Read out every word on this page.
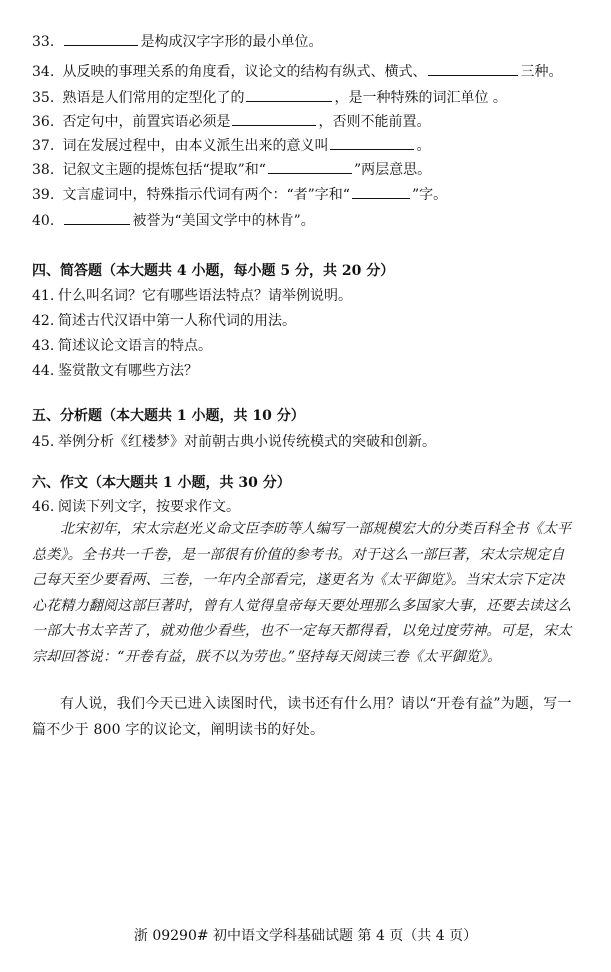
33.	是构成汉字字形的最小单位。
34. 从反映的事理关系的角度看，议论文的结构有纵式、横式、	三种。
35. 熟语是人们常用的定型化了的	，是一种特殊的词汇单位 。
36. 否定句中，前置宾语必须是	，否则不能前置。
37. 词在发展过程中，由本义派生出来的意义叫	。
38. 记叙文主题的提炼包括“提取”和“	”两层意思。
39. 文言虚词中，特殊指示代词有两个：“者”字和“	”字。
40.	被誉为“美国文学中的林肯”。
四、简答题（本大题共 4 小题，每小题 5 分，共 20 分）
41. 什么叫名词？它有哪些语法特点？请举例说明。
42. 简述古代汉语中第一人称代词的用法。
43. 简述议论文语言的特点。
44. 鉴赏散文有哪些方法？
五、分析题（本大题共 1 小题，共 10 分）
45. 举例分析《红楼梦》对前朝古典小说传统模式的突破和创新。
六、作文（本大题共 1 小题，共 30 分）
46. 阅读下列文字，按要求作文。

北宋初年，宋太宗赵光义命文臣李昉等人编写一部规模宏大的分类百科全书《太平总类》。全书共一千卷，是一部很有价值的参考书。对于这么一部巨著，宋太宗规定自己每天至少要看两、三卷，一年内全部看完，遂更名为《太平御览》。当宋太宗下定决心花精力翻阅这部巨著时，曾有人觉得皇帝每天要处理那么多国家大事，还要去读这么一部大书太辛苦了，就劝他少看些，也不一定每天都得看，以免过度劳神。可是，宋太宗却回答说：“开卷有益，朕不以为劳也。”坚持每天阅读三卷《太平御览》。

有人说，我们今天已进入读图时代，读书还有什么用？请以“开卷有益”为题，写一篇不少于 800 字的议论文，阐明读书的好处。

浙 09290# 初中语文学科基础试题 第 4 页（共 4 页）
